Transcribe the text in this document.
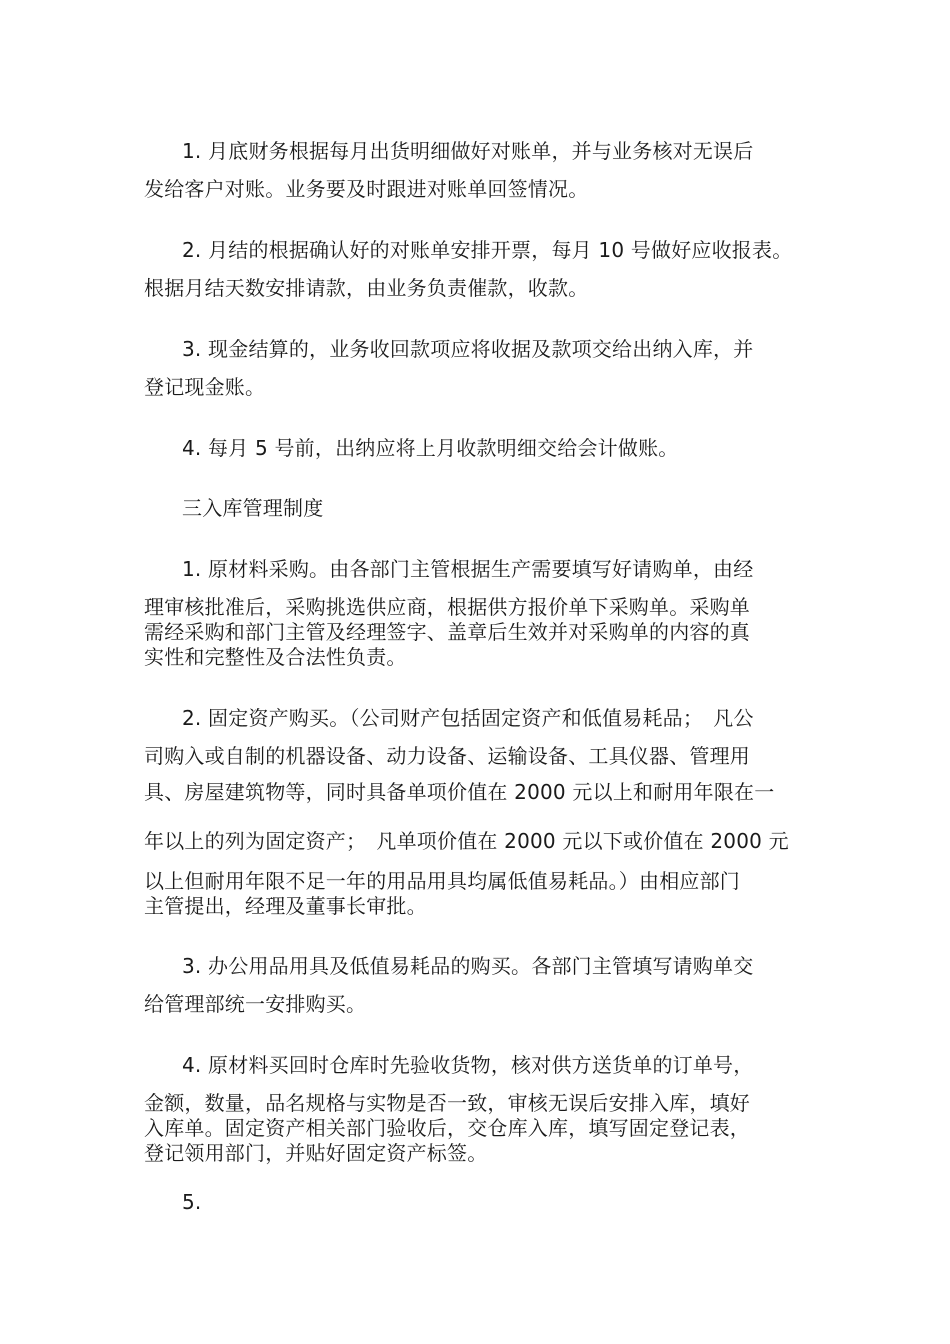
1. 月底财务根据每月出货明细做好对账单，并与业务核对无误后
发给客户对账。业务要及时跟进对账单回签情况。
2. 月结的根据确认好的对账单安排开票，每月 10 号做好应收报表。
根据月结天数安排请款，由业务负责催款，收款。
3. 现金结算的，业务收回款项应将收据及款项交给出纳入库，并
登记现金账。
4. 每月 5 号前，出纳应将上月收款明细交给会计做账。
三入库管理制度
1. 原材料采购。由各部门主管根据生产需要填写好请购单，由经
理审核批准后，采购挑选供应商，根据供方报价单下采购单。采购单
需经采购和部门主管及经理签字、盖章后生效并对采购单的内容的真
实性和完整性及合法性负责。
2. 固定资产购买。（公司财产包括固定资产和低值易耗品；　凡公
司购入或自制的机器设备、动力设备、运输设备、工具仪器、管理用
具、房屋建筑物等，同时具备单项价值在 2000 元以上和耐用年限在一
年以上的列为固定资产；　凡单项价值在 2000 元以下或价值在 2000 元
以上但耐用年限不足一年的用品用具均属低值易耗品。）由相应部门
主管提出，经理及董事长审批。
3. 办公用品用具及低值易耗品的购买。各部门主管填写请购单交
给管理部统一安排购买。
4. 原材料买回时仓库时先验收货物，核对供方送货单的订单号，
金额，数量，品名规格与实物是否一致，审核无误后安排入库，填好
入库单。固定资产相关部门验收后，交仓库入库，填写固定登记表，
登记领用部门，并贴好固定资产标签。
5.
